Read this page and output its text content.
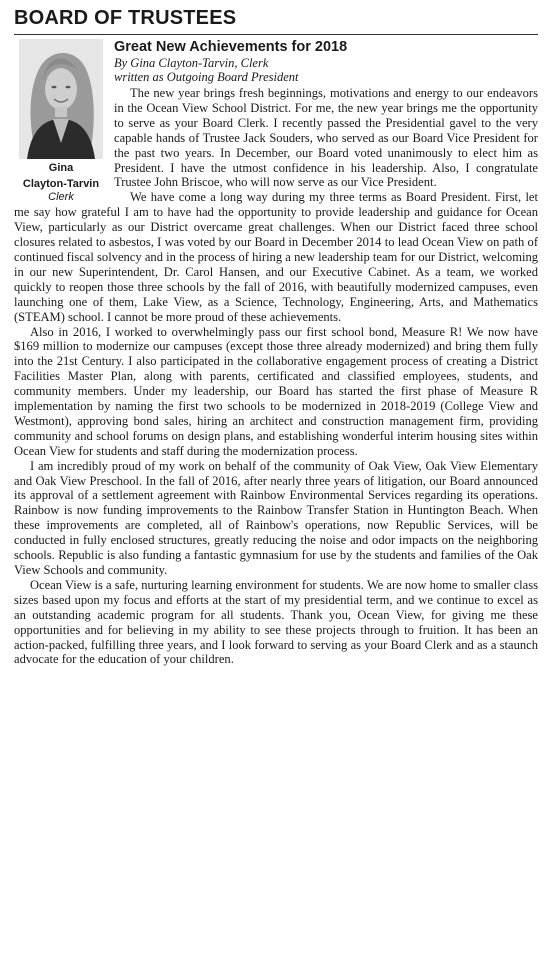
BOARD OF TRUSTEES
Gina
Clayton-Tarvin
Clerk
Great New Achievements for 2018
By Gina Clayton-Tarvin, Clerk
written as Outgoing Board President

The new year brings fresh beginnings, motivations and energy to our endeavors in the Ocean View School District. For me, the new year brings me the opportunity to serve as your Board Clerk. I recently passed the Presidential gavel to the very capable hands of Trustee Jack Souders, who served as our Board Vice President for the past two years. In December, our Board voted unanimously to elect him as President. I have the utmost confidence in his leadership. Also, I congratulate Trustee John Briscoe, who will now serve as our Vice President.

We have come a long way during my three terms as Board President. First, let me say how grateful I am to have had the opportunity to provide leadership and guidance for Ocean View, particularly as our District overcame great challenges. When our District faced three school closures related to asbestos, I was voted by our Board in December 2014 to lead Ocean View on path of continued fiscal solvency and in the process of hiring a new leadership team for our District, welcoming in our new Superintendent, Dr. Carol Hansen, and our Executive Cabinet. As a team, we worked quickly to reopen those three schools by the fall of 2016, with beautifully modernized campuses, even launching one of them, Lake View, as a Science, Technology, Engineering, Arts, and Mathematics (STEAM) school. I cannot be more proud of these achievements.

Also in 2016, I worked to overwhelmingly pass our first school bond, Measure R! We now have $169 million to modernize our campuses (except those three already modernized) and bring them fully into the 21st Century. I also participated in the collaborative engagement process of creating a District Facilities Master Plan, along with parents, certificated and classified employees, students, and community members. Under my leadership, our Board has started the first phase of Measure R implementation by naming the first two schools to be modernized in 2018-2019 (College View and Westmont), approving bond sales, hiring an architect and construction management firm, providing community and school forums on design plans, and establishing wonderful interim housing sites within Ocean View for students and staff during the modernization process.

I am incredibly proud of my work on behalf of the community of Oak View, Oak View Elementary and Oak View Preschool. In the fall of 2016, after nearly three years of litigation, our Board announced its approval of a settlement agreement with Rainbow Environmental Services regarding its operations. Rainbow is now funding improvements to the Rainbow Transfer Station in Huntington Beach. When these improvements are completed, all of Rainbow's operations, now Republic Services, will be conducted in fully enclosed structures, greatly reducing the noise and odor impacts on the neighboring schools. Republic is also funding a fantastic gymnasium for use by the students and families of the Oak View Schools and community.

Ocean View is a safe, nurturing learning environment for students. We are now home to smaller class sizes based upon my focus and efforts at the start of my presidential term, and we continue to excel as an outstanding academic program for all students. Thank you, Ocean View, for giving me these opportunities and for believing in my ability to see these projects through to fruition. It has been an action-packed, fulfilling three years, and I look forward to serving as your Board Clerk and as a staunch advocate for the education of your children.
